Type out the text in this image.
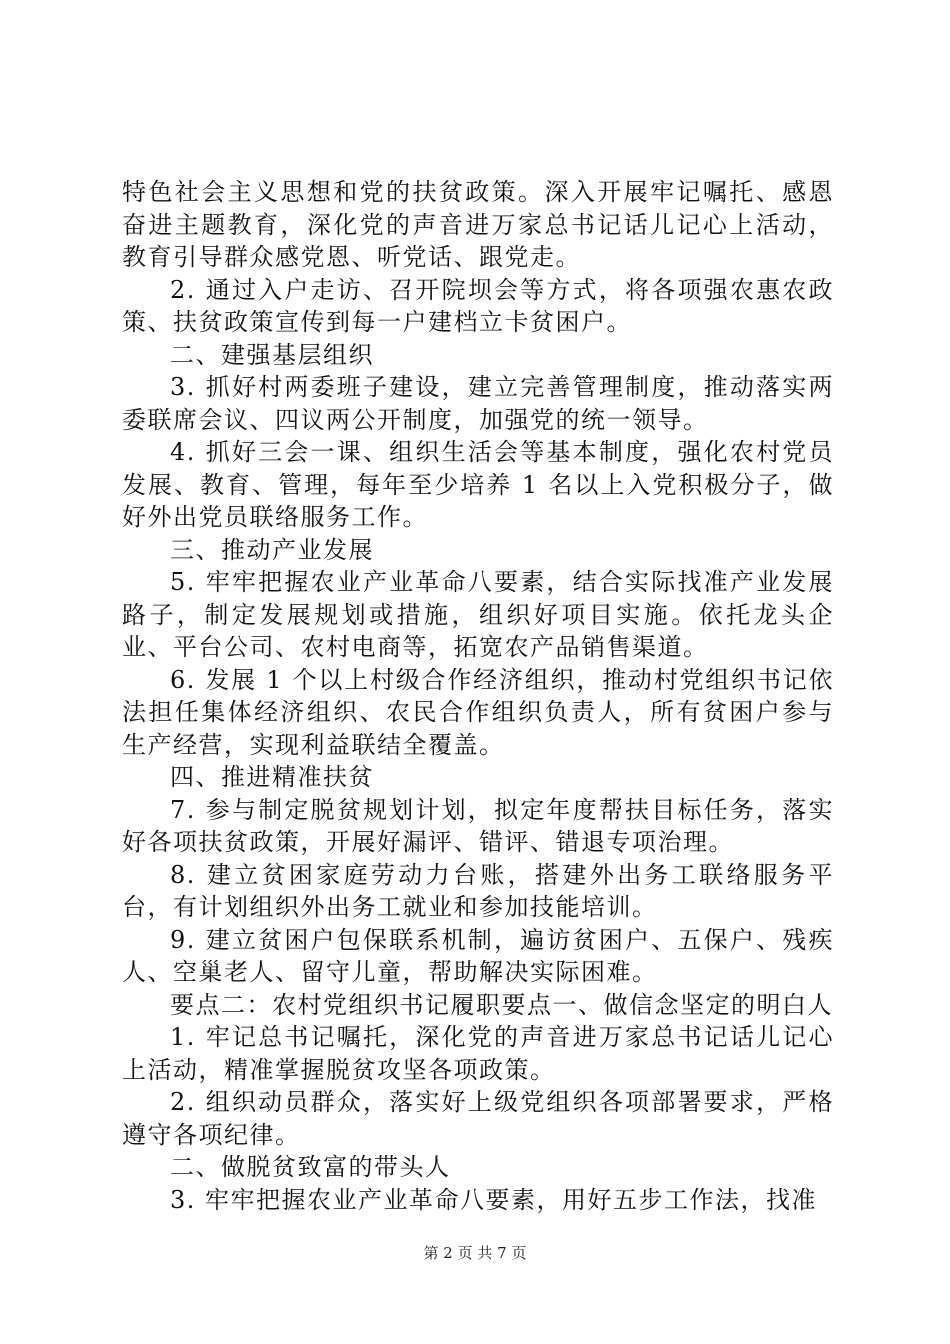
特色社会主义思想和党的扶贫政策。深入开展牢记嘱托、感恩奋进主题教育，深化党的声音进万家总书记话儿记心上活动，教育引导群众感党恩、听党话、跟党走。

2. 通过入户走访、召开院坝会等方式，将各项强农惠农政策、扶贫政策宣传到每一户建档立卡贫困户。

二、建强基层组织

3. 抓好村两委班子建设，建立完善管理制度，推动落实两委联席会议、四议两公开制度，加强党的统一领导。

4. 抓好三会一课、组织生活会等基本制度，强化农村党员发展、教育、管理，每年至少培养 1 名以上入党积极分子，做好外出党员联络服务工作。

三、推动产业发展

5. 牢牢把握农业产业革命八要素，结合实际找准产业发展路子，制定发展规划或措施，组织好项目实施。依托龙头企业、平台公司、农村电商等，拓宽农产品销售渠道。

6. 发展 1 个以上村级合作经济组织，推动村党组织书记依法担任集体经济组织、农民合作组织负责人，所有贫困户参与生产经营，实现利益联结全覆盖。

四、推进精准扶贫

7. 参与制定脱贫规划计划，拟定年度帮扶目标任务，落实好各项扶贫政策，开展好漏评、错评、错退专项治理。

8. 建立贫困家庭劳动力台账，搭建外出务工联络服务平台，有计划组织外出务工就业和参加技能培训。

9. 建立贫困户包保联系机制，遍访贫困户、五保户、残疾人、空巢老人、留守儿童，帮助解决实际困难。

要点二：农村党组织书记履职要点一、做信念坚定的明白人

1. 牢记总书记嘱托，深化党的声音进万家总书记话儿记心上活动，精准掌握脱贫攻坚各项政策。

2. 组织动员群众，落实好上级党组织各项部署要求，严格遵守各项纪律。

二、做脱贫致富的带头人

3. 牢牢把握农业产业革命八要素，用好五步工作法，找准

第 2 页 共 7 页
